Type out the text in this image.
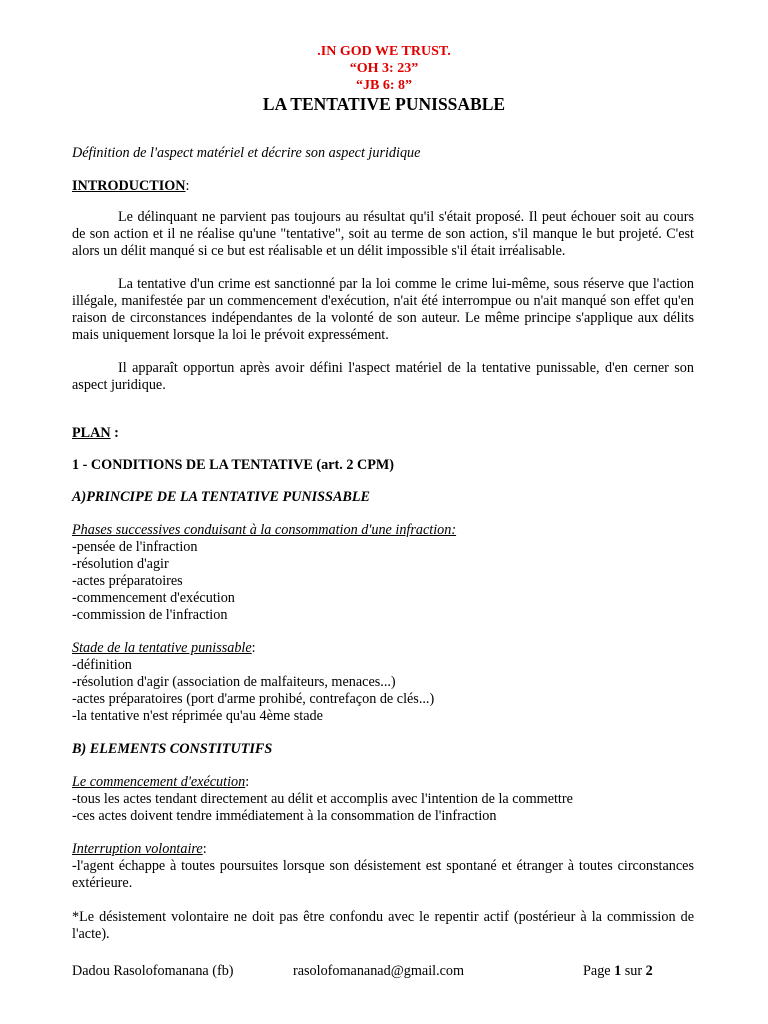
.IN GOD WE TRUST.
“OH 3: 23”
“JB 6: 8”
LA TENTATIVE PUNISSABLE
Définition de l'aspect matériel et décrire son aspect juridique
INTRODUCTION:

Le délinquant ne parvient pas toujours au résultat qu'il s'était proposé. Il peut échouer soit au cours de son action et il ne réalise qu'une "tentative", soit au terme de son action, s'il manque le but projeté. C'est alors un délit manqué si ce but est réalisable et un délit impossible s'il était irréalisable.

La tentative d'un crime est sanctionné par la loi comme le crime lui-même, sous réserve que l'action illégale, manifestée par un commencement d'exécution, n'ait été interrompue ou n'ait manqué son effet qu'en raison de circonstances indépendantes de la volonté de son auteur. Le même principe s'applique aux délits mais uniquement lorsque la loi le prévoit expressément.

Il apparaît opportun après avoir défini l'aspect matériel de la tentative punissable, d'en cerner son aspect juridique.

PLAN :
1 - CONDITIONS DE LA TENTATIVE (art. 2 CPM)
A)PRINCIPE DE LA TENTATIVE PUNISSABLE
Phases successives conduisant à la consommation d'une infraction:
-pensée de l'infraction
-résolution d'agir
-actes préparatoires
-commencement d'exécution
-commission de l'infraction
Stade de la tentative punissable:
-définition
-résolution d'agir (association de malfaiteurs, menaces...)
-actes préparatoires (port d'arme prohibé, contrefaçon de clés...)
-la tentative n'est réprimée qu'au 4ème stade
B) ELEMENTS CONSTITUTIFS
Le commencement d'exécution:
-tous les actes tendant directement au délit et accomplis avec l'intention de la commettre
-ces actes doivent tendre immédiatement à la consommation de l'infraction
Interruption volontaire:

-l'agent échappe à toutes poursuites lorsque son désistement est spontané et étranger à toutes circonstances extérieure.

*Le désistement volontaire ne doit pas être confondu avec le repentir actif (postérieur à la commission de l'acte).

Dadou Rasolofomanana (fb)	rasolofomananad@gmail.com	Page 1 sur 2
